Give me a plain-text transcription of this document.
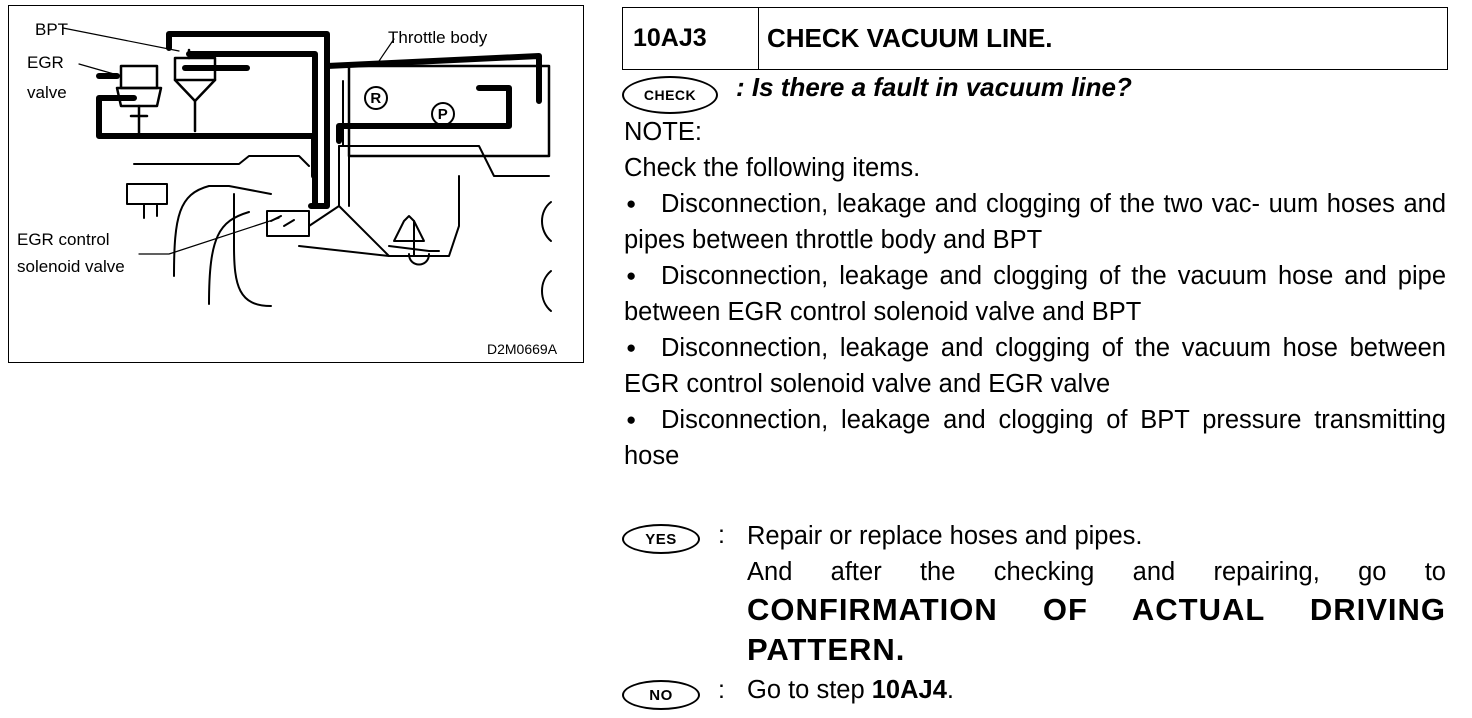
BPT
EGR
valve
Throttle body
EGR control
solenoid valve
R
P
D2M0669A
10AJ3	CHECK VACUUM LINE.
CHECK	: Is there a fault in vacuum line?

NOTE:

Check the following items.

● Disconnection, leakage and clogging of the two vac- uum hoses and pipes between throttle body and BPT

● Disconnection, leakage and clogging of the vacuum hose and pipe between EGR control solenoid valve and BPT

● Disconnection, leakage and clogging of the vacuum hose between EGR control solenoid valve and EGR valve

● Disconnection, leakage and clogging of BPT pressure transmitting hose

YES	: Repair or replace hoses and pipes.

And after the checking and repairing, go to

CONFIRMATION OF ACTUAL DRIVING PATTERN.

NO	: Go to step 10AJ4.
